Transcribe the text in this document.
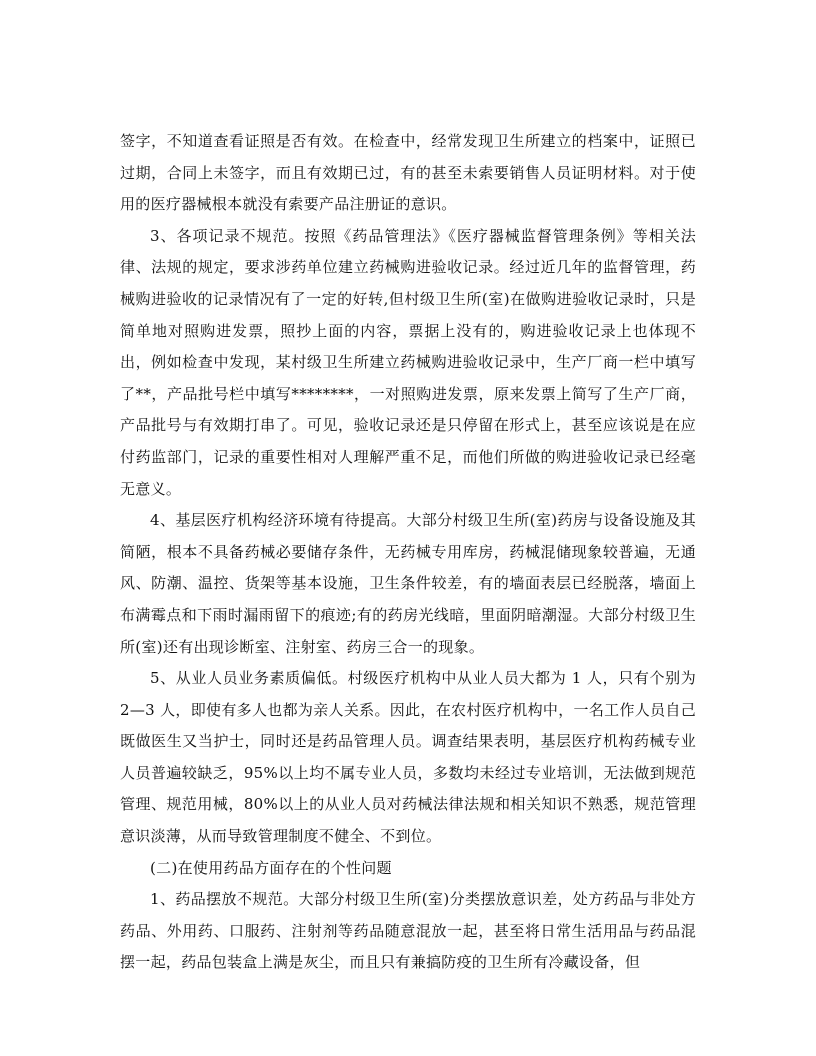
签字，不知道查看证照是否有效。在检查中，经常发现卫生所建立的档案中，证照已过期，合同上未签字，而且有效期已过，有的甚至未索要销售人员证明材料。对于使用的医疗器械根本就没有索要产品注册证的意识。

3、各项记录不规范。按照《药品管理法》《医疗器械监督管理条例》等相关法律、法规的规定，要求涉药单位建立药械购进验收记录。经过近几年的监督管理，药械购进验收的记录情况有了一定的好转,但村级卫生所(室)在做购进验收记录时，只是简单地对照购进发票，照抄上面的内容，票据上没有的，购进验收记录上也体现不出，例如检查中发现，某村级卫生所建立药械购进验收记录中，生产厂商一栏中填写了**，产品批号栏中填写********，一对照购进发票，原来发票上简写了生产厂商，产品批号与有效期打串了。可见，验收记录还是只停留在形式上，甚至应该说是在应付药监部门，记录的重要性相对人理解严重不足，而他们所做的购进验收记录已经毫无意义。

4、基层医疗机构经济环境有待提高。大部分村级卫生所(室)药房与设备设施及其简陋，根本不具备药械必要储存条件，无药械专用库房，药械混储现象较普遍，无通风、防潮、温控、货架等基本设施，卫生条件较差，有的墙面表层已经脱落，墙面上布满霉点和下雨时漏雨留下的痕迹;有的药房光线暗，里面阴暗潮湿。大部分村级卫生所(室)还有出现诊断室、注射室、药房三合一的现象。

5、从业人员业务素质偏低。村级医疗机构中从业人员大都为 1 人，只有个别为 2—3 人，即使有多人也都为亲人关系。因此，在农村医疗机构中，一名工作人员自己既做医生又当护士，同时还是药品管理人员。调查结果表明，基层医疗机构药械专业人员普遍较缺乏，95%以上均不属专业人员，多数均未经过专业培训，无法做到规范管理、规范用械，80%以上的从业人员对药械法律法规和相关知识不熟悉，规范管理意识淡薄，从而导致管理制度不健全、不到位。

(二)在使用药品方面存在的个性问题

1、药品摆放不规范。大部分村级卫生所(室)分类摆放意识差，处方药品与非处方药品、外用药、口服药、注射剂等药品随意混放一起，甚至将日常生活用品与药品混摆一起，药品包装盒上满是灰尘，而且只有兼搞防疫的卫生所有冷藏设备，但
